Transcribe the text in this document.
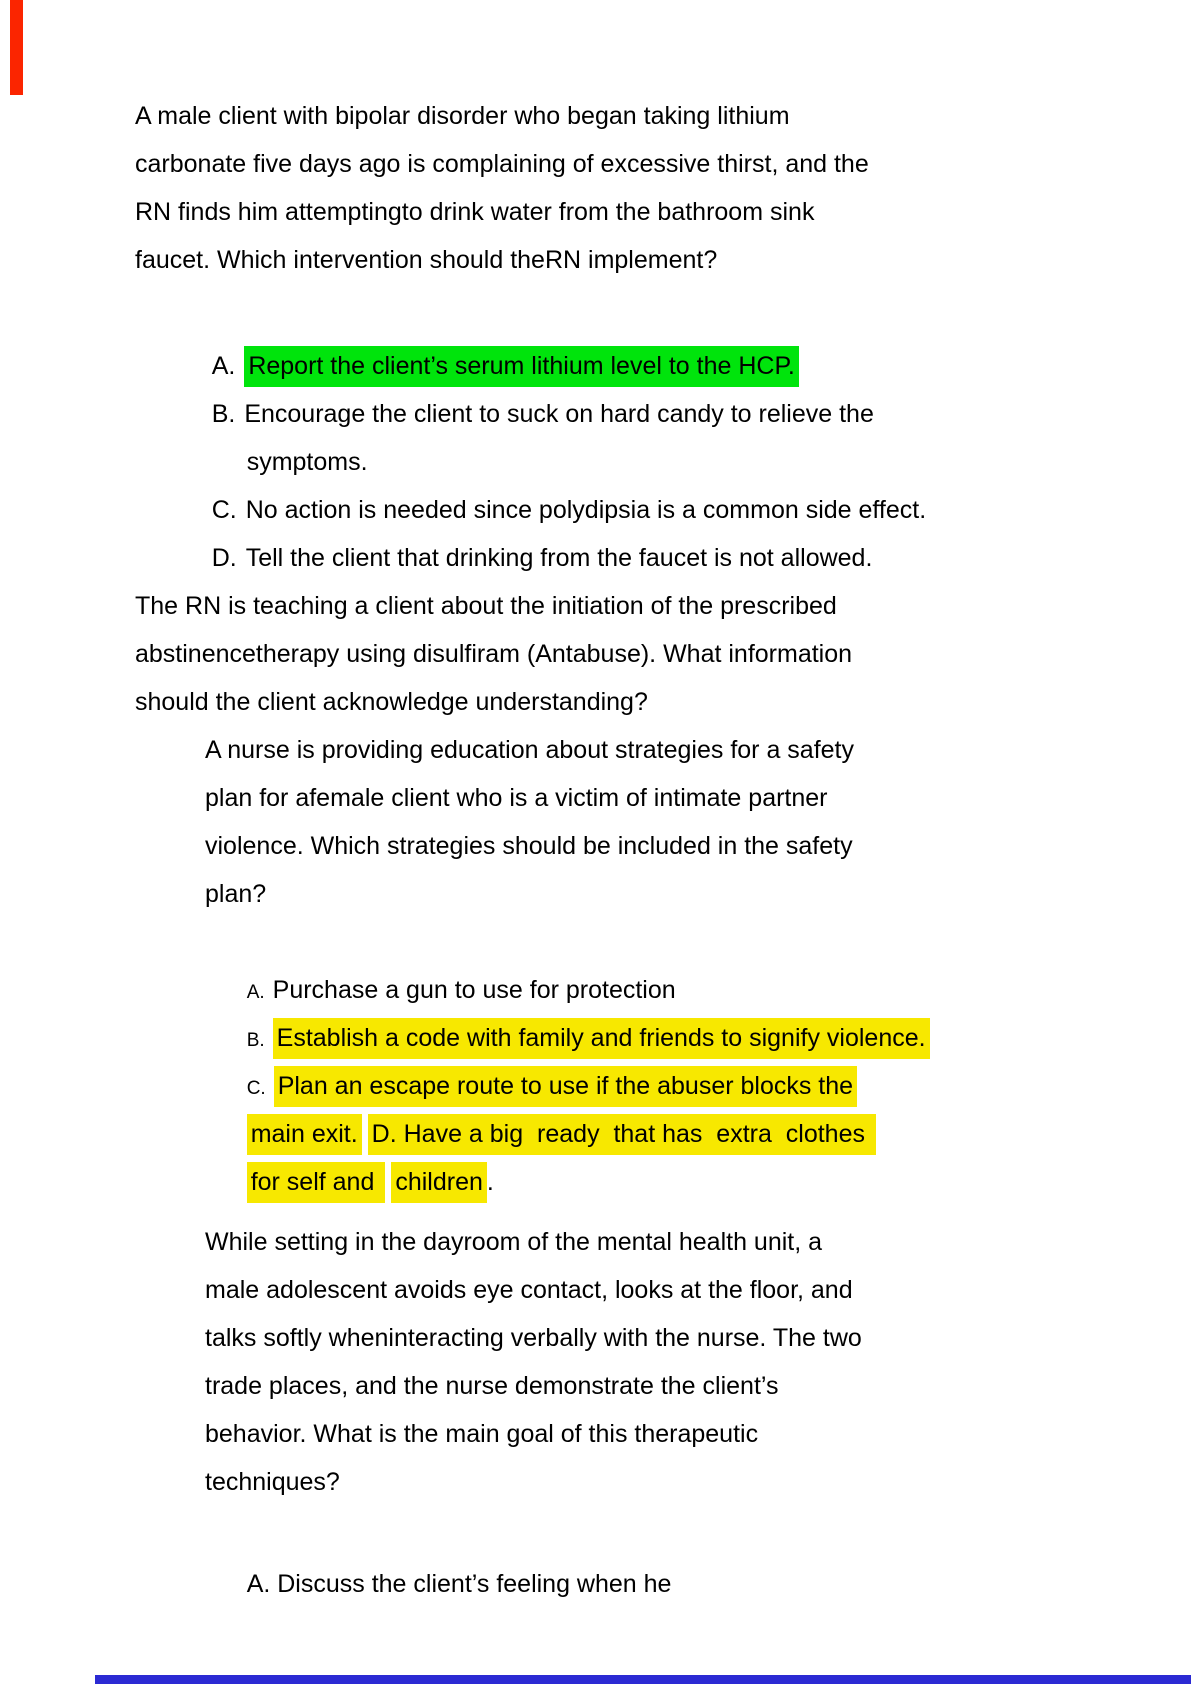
A male client with bipolar disorder who began taking lithium
carbonate five days ago is complaining of excessive thirst, and the
RN finds him attemptingto drink water from the bathroom sink
faucet. Which intervention should theRN implement?

A. Report the client’s serum lithium level to the HCP.

B. Encourage the client to suck on hard candy to relieve the

symptoms.

C. No action is needed since polydipsia is a common side effect.

D. Tell the client that drinking from the faucet is not allowed.

The RN is teaching a client about the initiation of the prescribed
abstinencetherapy using disulfiram (Antabuse). What information
should the client acknowledge understanding?
A nurse is providing education about strategies for a safety
plan for afemale client who is a victim of intimate partner
violence. Which strategies should be included in the safety
plan?

A. Purchase a gun to use for protection

B. Establish a code with family and friends to signify violence.

C. Plan an escape route to use if the abuser blocks the

main exit. D. Have a big  ready  that has  extra  clothes

for self and children .

While setting in the dayroom of the mental health unit, a
male adolescent avoids eye contact, looks at the floor, and
talks softly wheninteracting verbally with the nurse. The two
trade places, and the nurse demonstrate the client’s
behavior. What is the main goal of this therapeutic
techniques?

A. Discuss the client’s feeling when he
